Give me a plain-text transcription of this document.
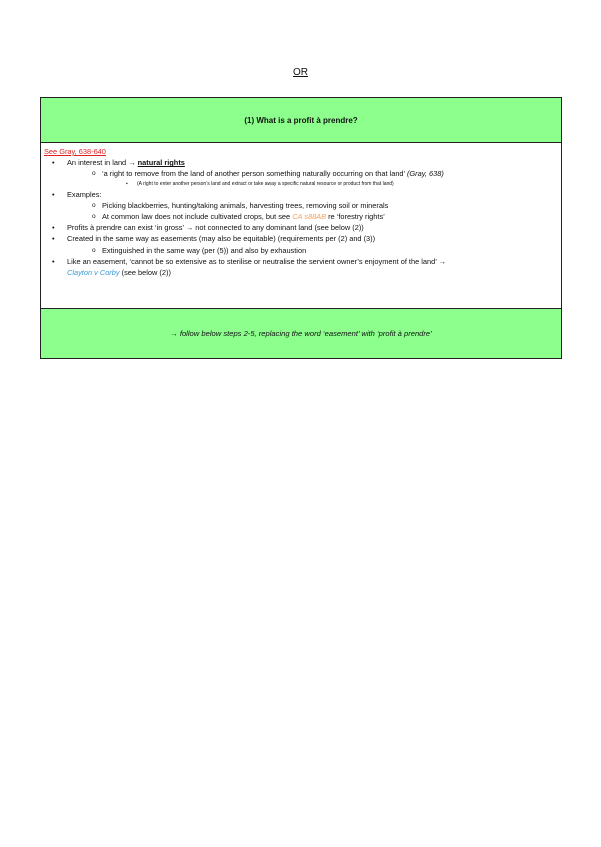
OR
(1) What is a profit à prendre?
See Gray, 638-640
• An interest in land → natural rights
o ‘a right to remove from the land of another person something naturally occurring on that land’ (Gray, 638)
▪ (A right to enter another person’s land and extract or take away a specific natural resource or product from that land)
• Examples:
o Picking blackberries, hunting/taking animals, harvesting trees, removing soil or minerals
o At common law does not include cultivated crops, but see CA s88AB re ‘forestry rights’
• Profits à prendre can exist ‘in gross’ → not connected to any dominant land (see below (2))
• Created in the same way as easements (may also be equitable) (requirements per (2) and (3))
o Extinguished in the same way (per (5)) and also by exhaustion
• Like an easement, ‘cannot be so extensive as to sterilise or neutralise the servient owner’s enjoyment of the land’ →
Clayton v Corby (see below (2))
→ follow below steps 2-5, replacing the word ‘easement’ with ‘profit à prendre’
